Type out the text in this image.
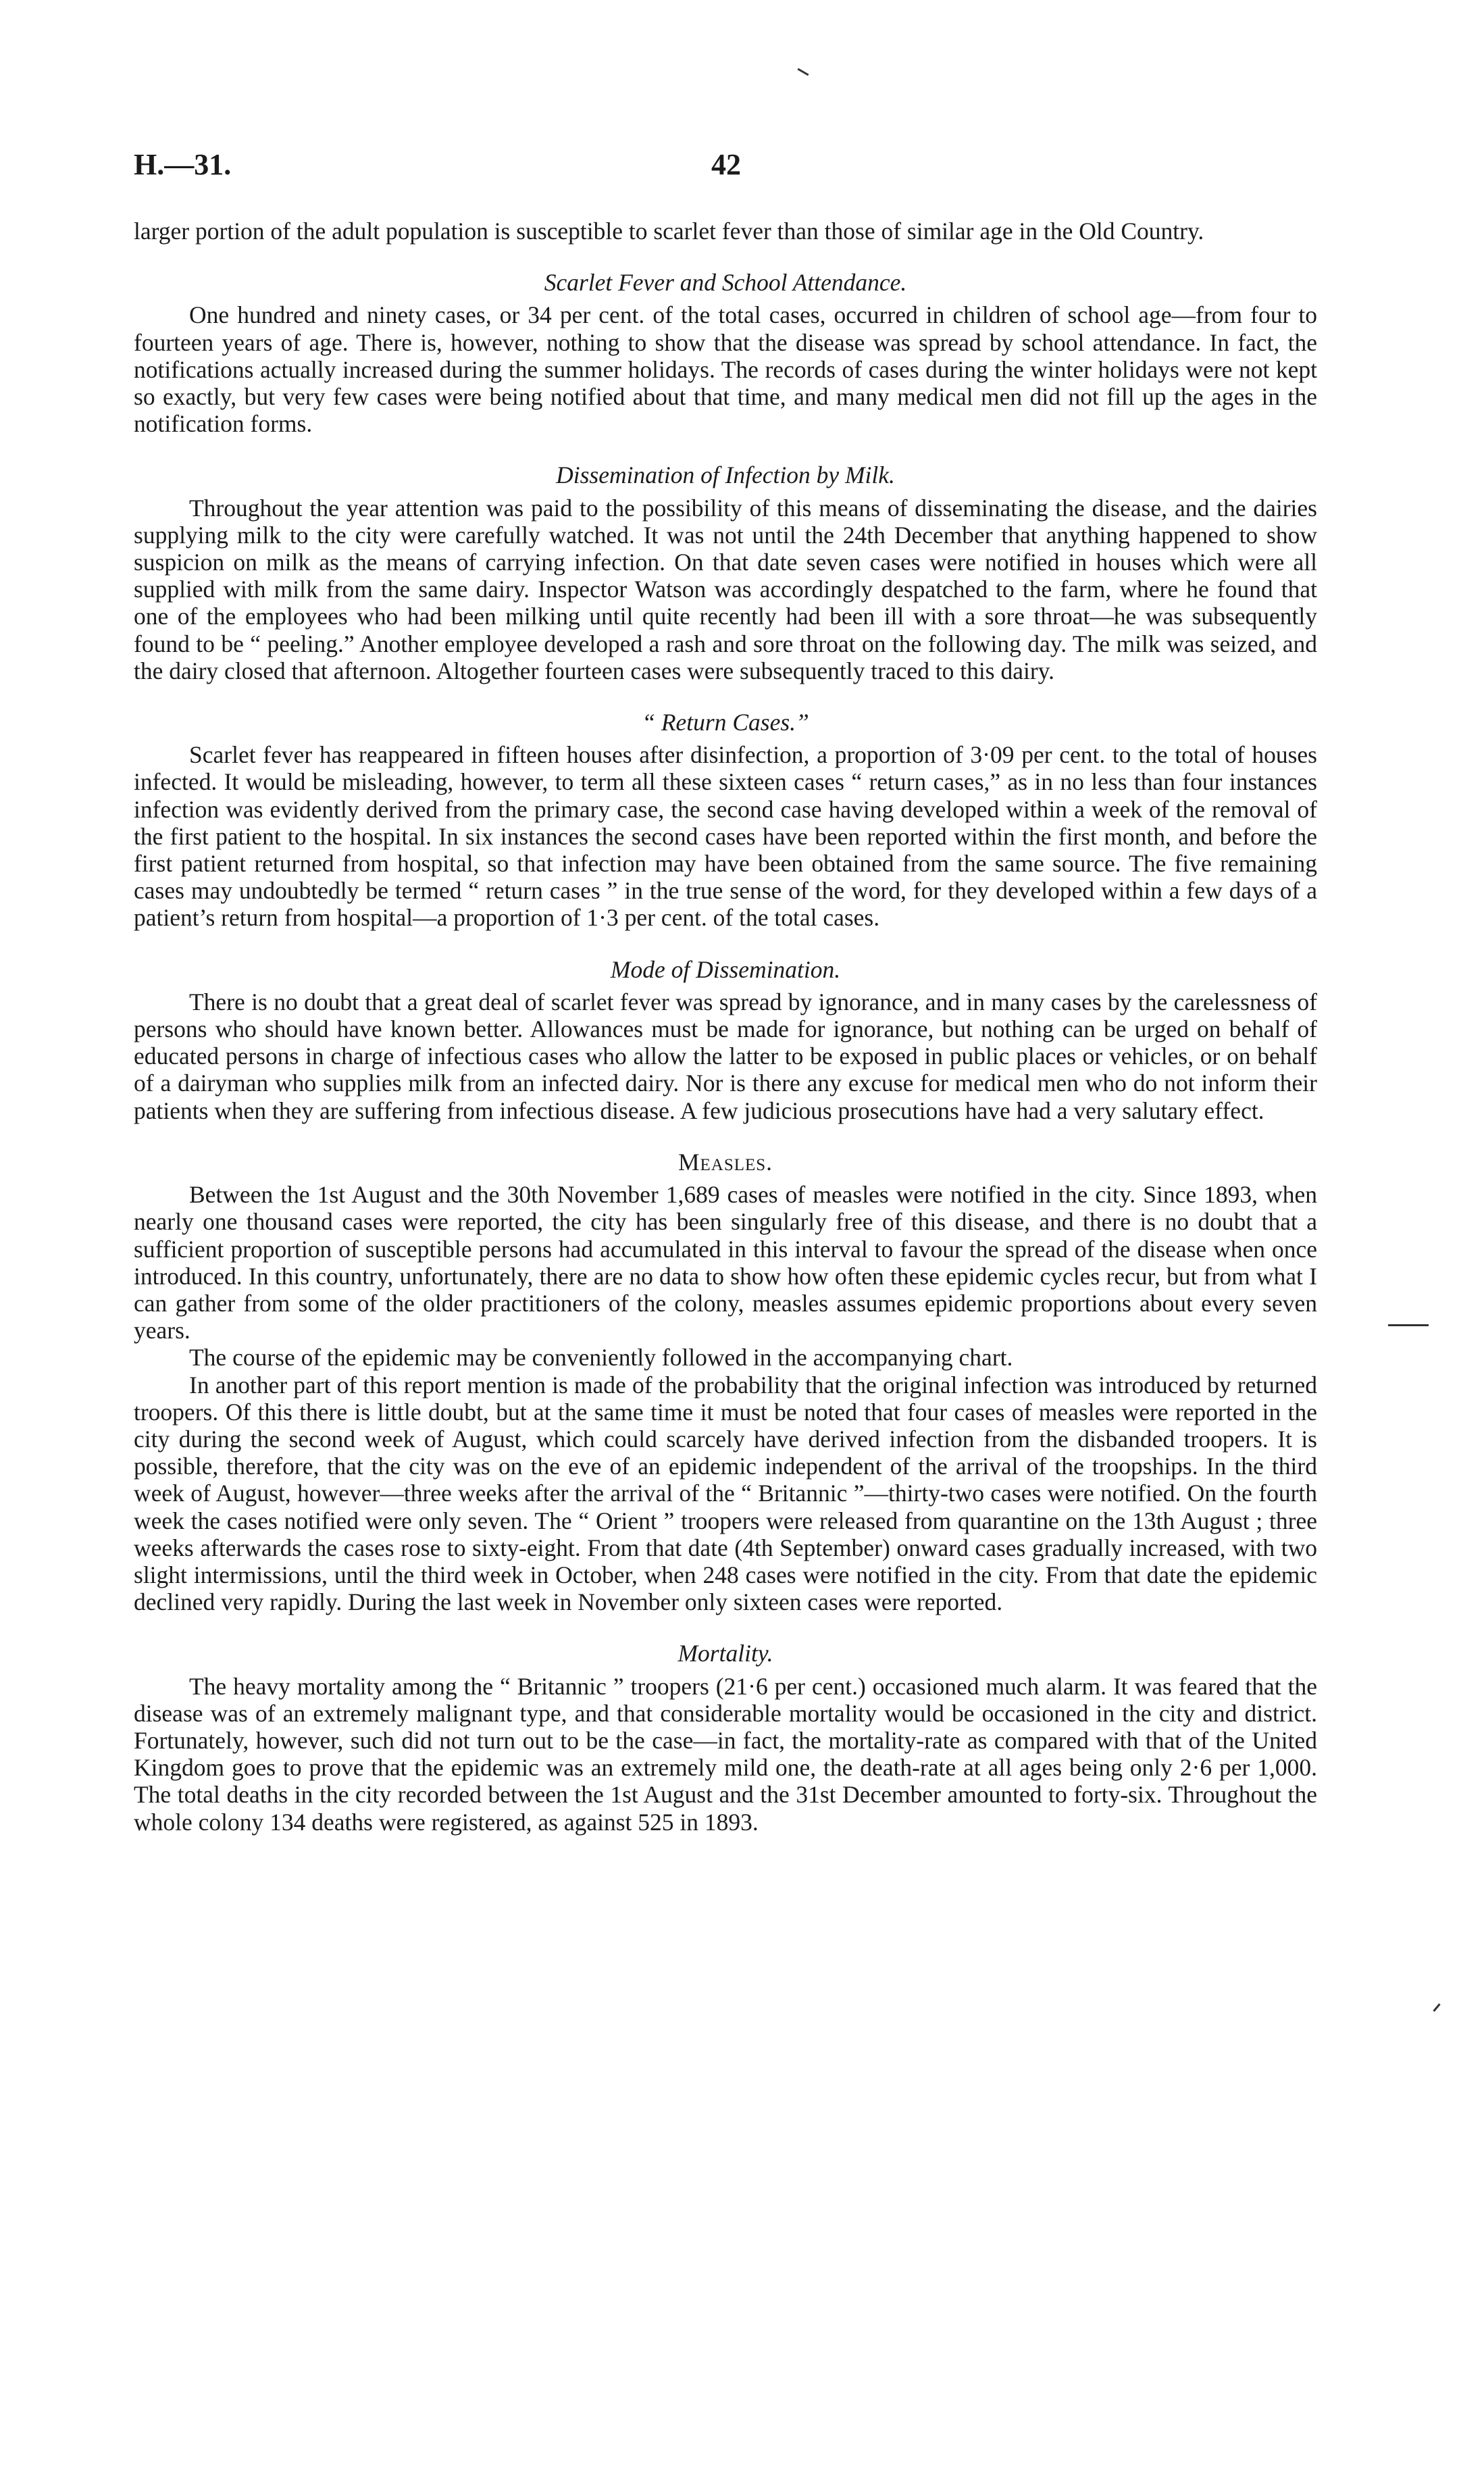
H.—31.	42

larger portion of the adult population is susceptible to scarlet fever than those of similar age in the Old Country.

Scarlet Fever and School Attendance.

One hundred and ninety cases, or 34 per cent. of the total cases, occurred in children of school age—from four to fourteen years of age. There is, however, nothing to show that the disease was spread by school attendance. In fact, the notifications actually increased during the summer holidays. The records of cases during the winter holidays were not kept so exactly, but very few cases were being notified about that time, and many medical men did not fill up the ages in the notification forms.

Dissemination of Infection by Milk.

Throughout the year attention was paid to the possibility of this means of disseminating the disease, and the dairies supplying milk to the city were carefully watched. It was not until the 24th December that anything happened to show suspicion on milk as the means of carrying infection. On that date seven cases were notified in houses which were all supplied with milk from the same dairy. Inspector Watson was accordingly despatched to the farm, where he found that one of the employees who had been milking until quite recently had been ill with a sore throat—he was subsequently found to be “ peeling.” Another employee developed a rash and sore throat on the following day. The milk was seized, and the dairy closed that afternoon. Altogether fourteen cases were subsequently traced to this dairy.

“ Return Cases.”

Scarlet fever has reappeared in fifteen houses after disinfection, a proportion of 3·09 per cent. to the total of houses infected. It would be misleading, however, to term all these sixteen cases “ return cases,” as in no less than four instances infection was evidently derived from the primary case, the second case having developed within a week of the removal of the first patient to the hospital. In six instances the second cases have been reported within the first month, and before the first patient returned from hospital, so that infection may have been obtained from the same source. The five remaining cases may undoubtedly be termed “ return cases ” in the true sense of the word, for they developed within a few days of a patient’s return from hospital—a proportion of 1·3 per cent. of the total cases.

Mode of Dissemination.

There is no doubt that a great deal of scarlet fever was spread by ignorance, and in many cases by the carelessness of persons who should have known better. Allowances must be made for ignorance, but nothing can be urged on behalf of educated persons in charge of infectious cases who allow the latter to be exposed in public places or vehicles, or on behalf of a dairyman who supplies milk from an infected dairy. Nor is there any excuse for medical men who do not inform their patients when they are suffering from infectious disease. A few judicious prosecutions have had a very salutary effect.

Measles.

Between the 1st August and the 30th November 1,689 cases of measles were notified in the city. Since 1893, when nearly one thousand cases were reported, the city has been singularly free of this disease, and there is no doubt that a sufficient proportion of susceptible persons had accumulated in this interval to favour the spread of the disease when once introduced. In this country, unfortunately, there are no data to show how often these epidemic cycles recur, but from what I can gather from some of the older practitioners of the colony, measles assumes epidemic proportions about every seven years.

The course of the epidemic may be conveniently followed in the accompanying chart.

In another part of this report mention is made of the probability that the original infection was introduced by returned troopers. Of this there is little doubt, but at the same time it must be noted that four cases of measles were reported in the city during the second week of August, which could scarcely have derived infection from the disbanded troopers. It is possible, therefore, that the city was on the eve of an epidemic independent of the arrival of the troopships. In the third week of August, however—three weeks after the arrival of the “ Britannic ”—thirty-two cases were notified. On the fourth week the cases notified were only seven. The “ Orient ” troopers were released from quarantine on the 13th August ; three weeks afterwards the cases rose to sixty-eight. From that date (4th September) onward cases gradually increased, with two slight intermissions, until the third week in October, when 248 cases were notified in the city. From that date the epidemic declined very rapidly. During the last week in November only sixteen cases were reported.

Mortality.

The heavy mortality among the “ Britannic ” troopers (21·6 per cent.) occasioned much alarm. It was feared that the disease was of an extremely malignant type, and that considerable mortality would be occasioned in the city and district. Fortunately, however, such did not turn out to be the case—in fact, the mortality-rate as compared with that of the United Kingdom goes to prove that the epidemic was an extremely mild one, the death-rate at all ages being only 2·6 per 1,000. The total deaths in the city recorded between the 1st August and the 31st December amounted to forty-six. Throughout the whole colony 134 deaths were registered, as against 525 in 1893.
